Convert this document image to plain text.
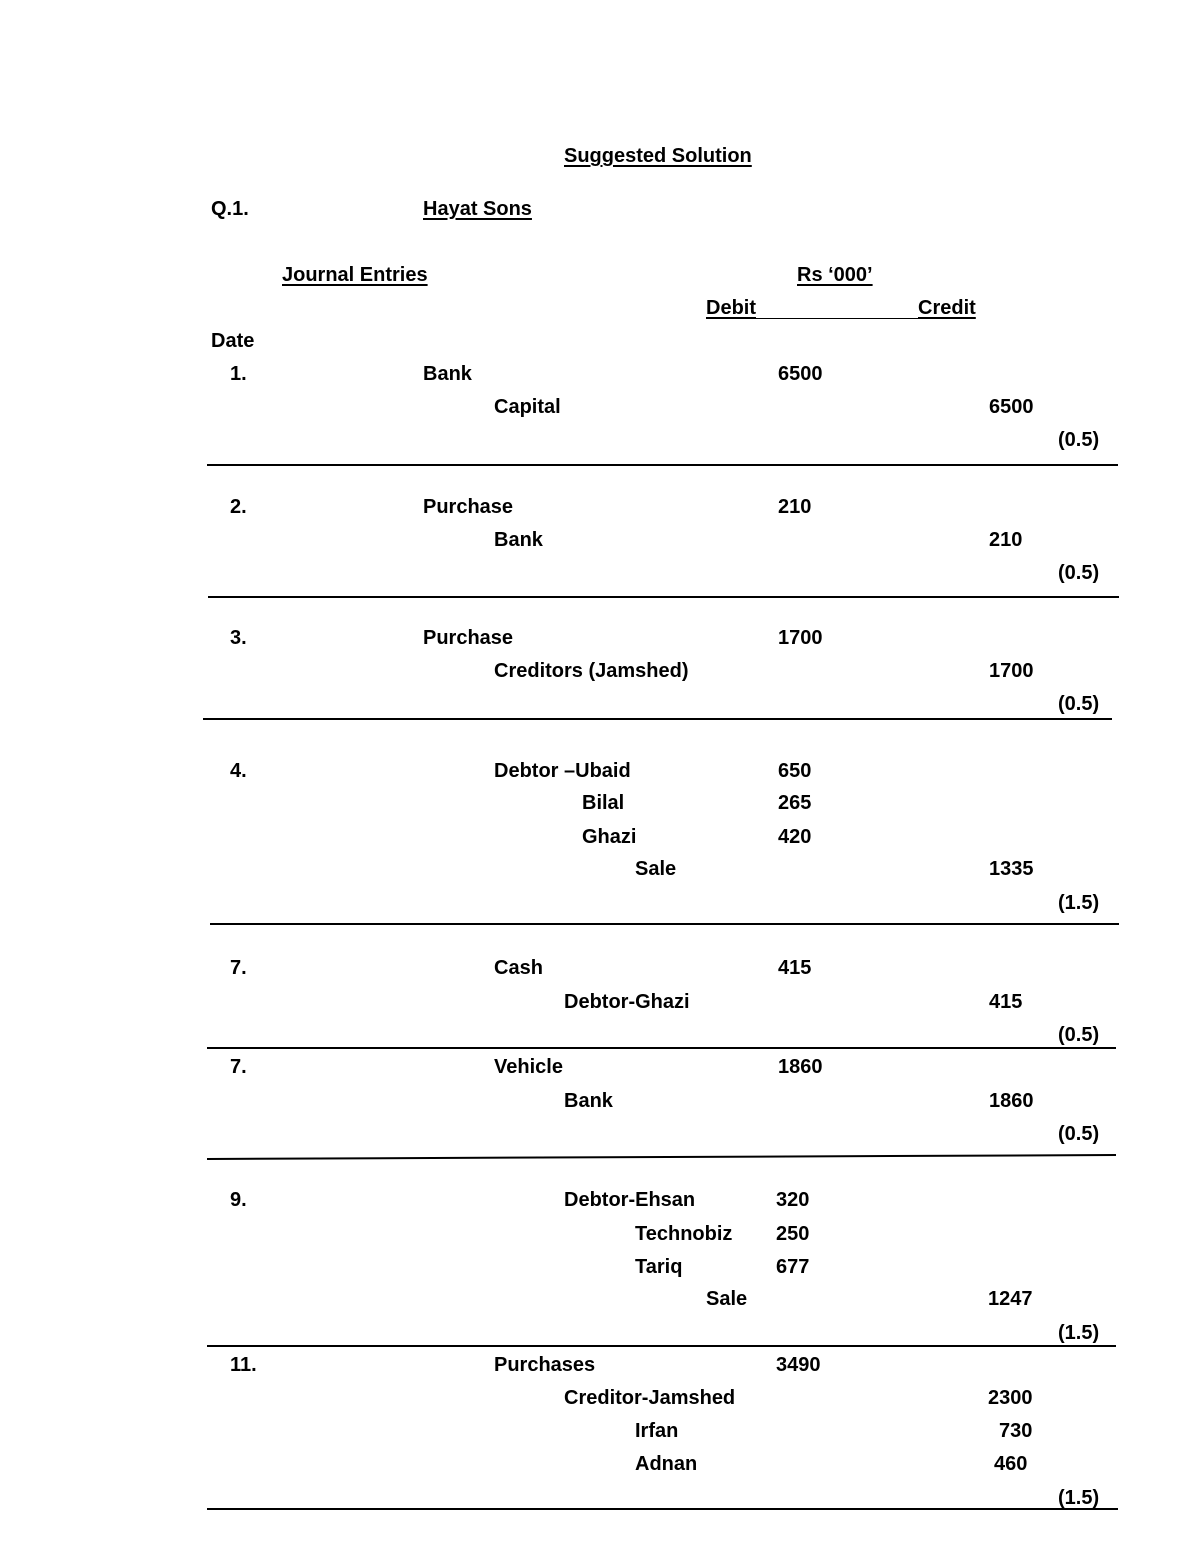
Suggested Solution
Q.1.	Hayat Sons
Journal Entries	Rs ‘000’
Debit	Credit
Date
1.	Bank	6500
Capital	6500
(0.5)
2.	Purchase	210
Bank	210
(0.5)
3.	Purchase	1700
Creditors (Jamshed)	1700
(0.5)
4.	Debtor –Ubaid	650
Bilal	265
Ghazi	420
Sale	1335
(1.5)
7.	Cash	415
Debtor-Ghazi	415
(0.5)
7.	Vehicle	1860
Bank	1860
(0.5)
9.	Debtor-Ehsan	320
Technobiz 250
Tariq	677
Sale	1247
(1.5)
11.	Purchases	3490
Creditor-Jamshed	2300
Irfan	730
Adnan	460
(1.5)
